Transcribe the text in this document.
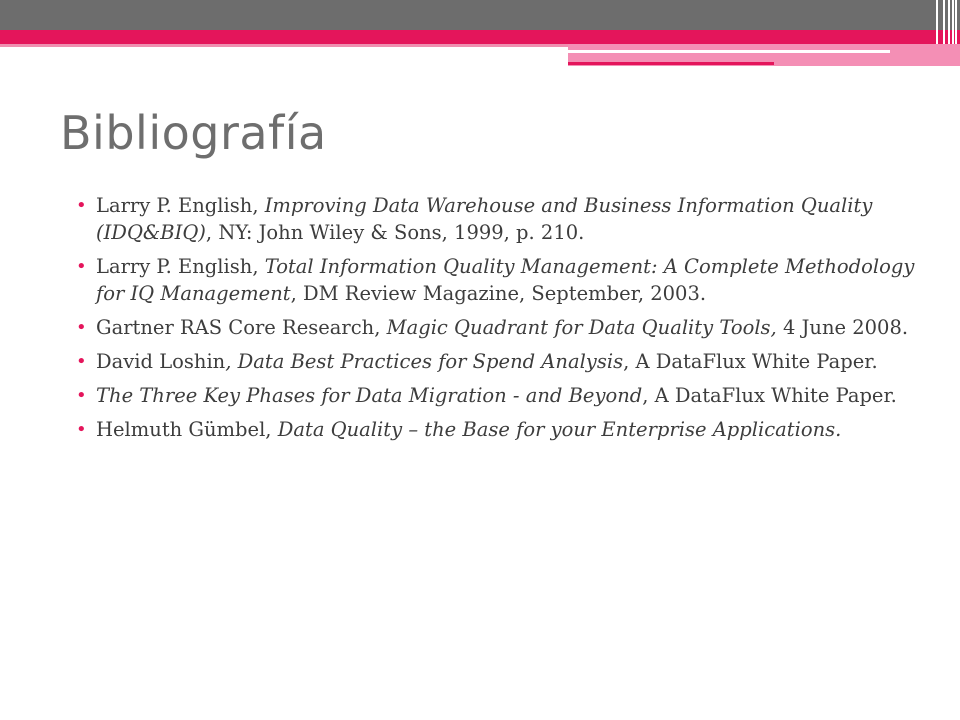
Bibliografía
• Larry P. English, Improving Data Warehouse and Business Information Quality (IDQ&BIQ), NY: John Wiley & Sons, 1999, p. 210.
• Larry P. English, Total Information Quality Management: A Complete Methodology for IQ Management, DM Review Magazine, September, 2003.
• Gartner RAS Core Research, Magic Quadrant for Data Quality Tools, 4 June 2008.
• David Loshin, Data Best Practices for Spend Analysis, A DataFlux White Paper.
• The Three Key Phases for Data Migration - and Beyond, A DataFlux White Paper.
• Helmuth Gümbel, Data Quality – the Base for your Enterprise Applications.
